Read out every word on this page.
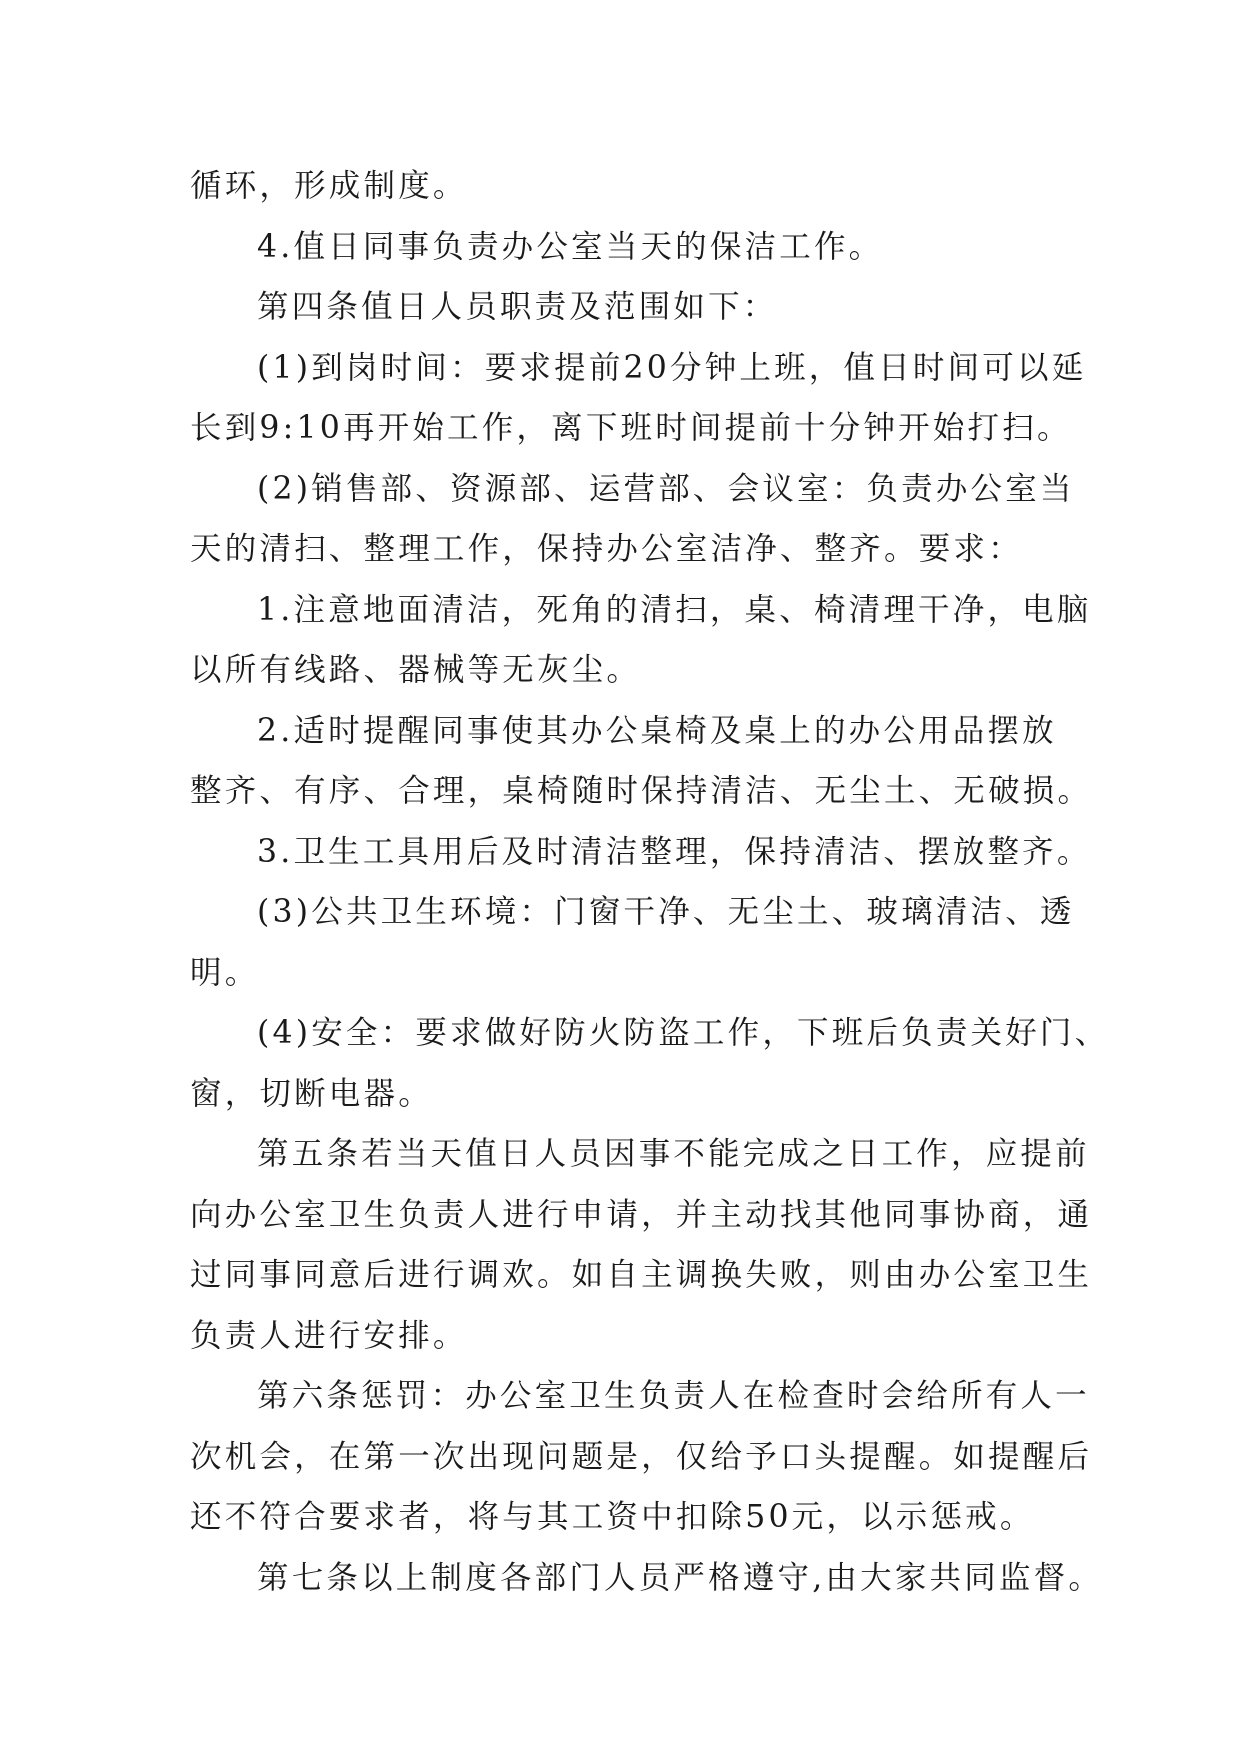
循环，形成制度。
4.值日同事负责办公室当天的保洁工作。
第四条值日人员职责及范围如下：
(1)到岗时间：要求提前20分钟上班，值日时间可以延
长到9:10再开始工作，离下班时间提前十分钟开始打扫。
(2)销售部、资源部、运营部、会议室：负责办公室当
天的清扫、整理工作，保持办公室洁净、整齐。要求：
1.注意地面清洁，死角的清扫，桌、椅清理干净，电脑
以所有线路、器械等无灰尘。
2.适时提醒同事使其办公桌椅及桌上的办公用品摆放
整齐、有序、合理，桌椅随时保持清洁、无尘土、无破损。
3.卫生工具用后及时清洁整理，保持清洁、摆放整齐。
(3)公共卫生环境：门窗干净、无尘土、玻璃清洁、透
明。
(4)安全：要求做好防火防盗工作，下班后负责关好门、
窗，切断电器。
第五条若当天值日人员因事不能完成之日工作，应提前
向办公室卫生负责人进行申请，并主动找其他同事协商，通
过同事同意后进行调欢。如自主调换失败，则由办公室卫生
负责人进行安排。
第六条惩罚：办公室卫生负责人在检查时会给所有人一
次机会，在第一次出现问题是，仅给予口头提醒。如提醒后
还不符合要求者，将与其工资中扣除50元，以示惩戒。
第七条以上制度各部门人员严格遵守,由大家共同监督。
